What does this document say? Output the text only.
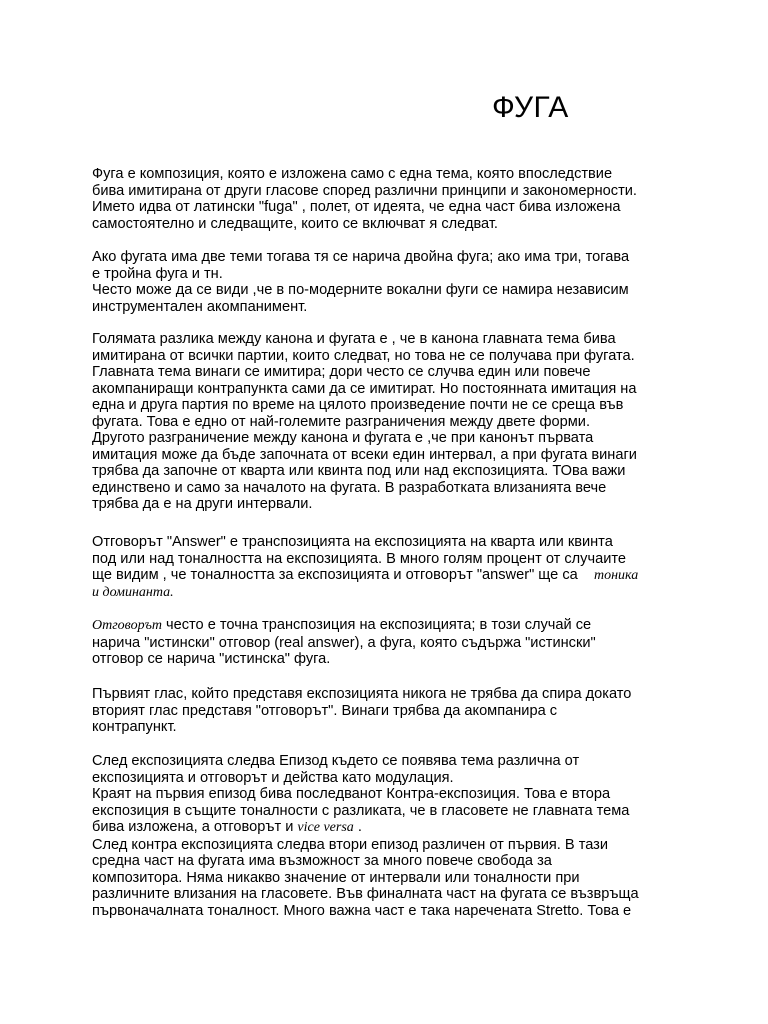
ФУГА

Фуга е композиция, която е изложена само с една тема, която впоследствие
бива имитирана от други гласове според различни принципи и закономерности.
Името идва от латински "fuga" , полет, от идеята, че една част бива изложена
самостоятелно и следващите, които се включват я следват.

Ако фугата има две теми тогава тя се нарича двойна фуга; ако има три, тогава
е тройна фуга и тн.
Често може да се види ,че в по-модерните вокални фуги се намира независим
инструментален акомпанимент.

Голямата разлика между канона и фугата е , че в канона главната тема бива
имитирана от всички партии, които следват, но това не се получава при фугата.
Главната тема винаги се имитира; дори често се случва един или повече
акомпаниращи контрапункта сами да се имитират. Но постоянната имитация на
една и друга партия по време на цялото произведение почти не се среща във
фугата. Това е едно от най-големите разграничения между двете форми.
Другото разграничение между канона и фугата е ,че при канонът първата
имитация може да бъде започната от всеки един интервал, а при фугата винаги
трябва да започне от кварта или квинта под или над експозицията. ТОва важи
единствено и само за началото на фугата. В разработката влизанията вече
трябва да е на други интервали.

Отговорът "Answer" е транспозицията на експозицията на кварта или квинта
под или над тоналността на експозицията. В много голям процент от случаите
ще видим , че тоналността за експозицията и отговорът "answer" ще са тоника
и доминанта.

Отговорът често е точна транспозиция на експозицията; в този случай се
нарича "истински" отговор (real answer), а фуга, която съдържа "истински"
отговор се нарича "истинска" фуга.

Първият глас, който представя експозицията никога не трябва да спира докато
вторият глас представя "отговорът". Винаги трябва да акомпанира с
контрапункт.

След експозицията следва Епизод където се появява тема различна от
експозицията и отговорът и действа като модулация.
Краят на първия епизод бива последванот Контра-експозиция. Това е втора
експозиция в същите тоналности с разликата, че в гласовете не главната тема
бива изложена, а отговорът и vice versa .
След контра експозицията следва втори епизод различен от първия. В тази
средна част на фугата има възможност за много повече свобода за
композитора. Няма никакво значение от интервали или тоналности при
различните влизания на гласовете. Във финалната част на фугата се възвръща
първоначалната тоналност. Много важна част е така наречената Stretto. Това е
